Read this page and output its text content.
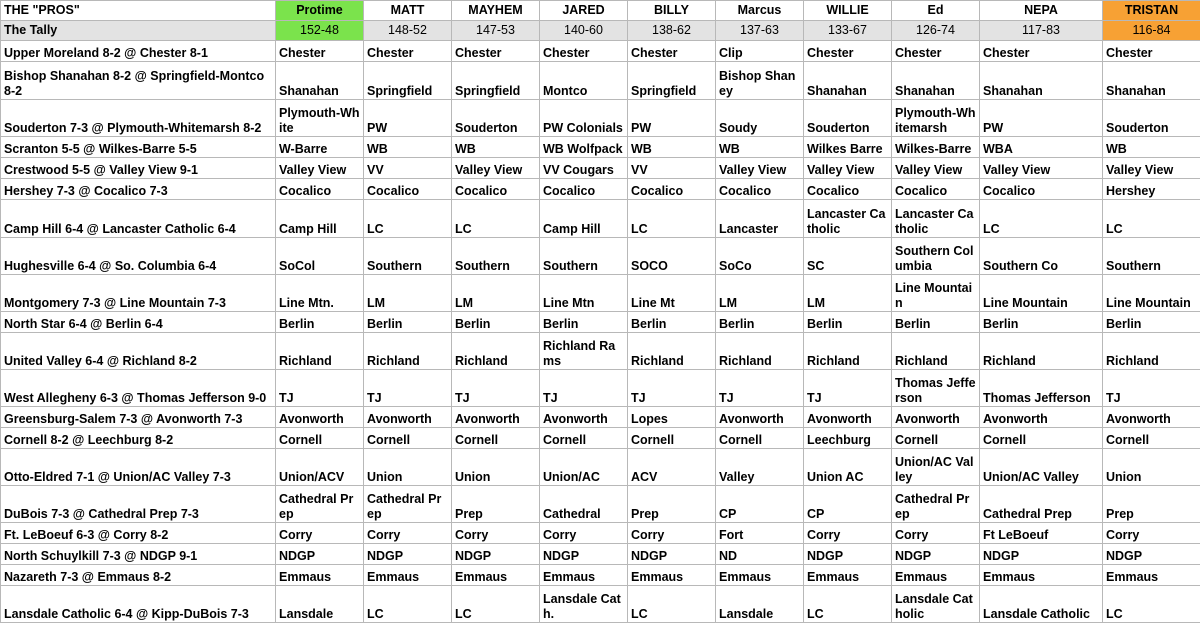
THE "PROS"	Protime	MATT	MAYHEM	JARED	BILLY	Marcus	WILLIE	Ed	NEPA	TRISTAN
The Tally	152-48	148-52	147-53	140-60	138-62	137-63	133-67	126-74	117-83	116-84
Upper Moreland 8-2 @ Chester 8-1	Chester	Chester	Chester	Chester	Chester	Clip	Chester	Chester	Chester	Chester
Bishop Shanahan 8-2 @ Springfield-Montco 8-2	Shanahan	Springfield	Springfield	Montco	Springfield	Bishop Shaney	Shanahan	Shanahan	Shanahan	Shanahan
Souderton 7-3 @ Plymouth-Whitemarsh 8-2	Plymouth-White	PW	Souderton	PW Colonials	PW	Soudy	Souderton	Plymouth-Whitemarsh	PW	Souderton
Scranton 5-5 @ Wilkes-Barre 5-5	W-Barre	WB	WB	WB Wolfpack	WB	WB	Wilkes Barre	Wilkes-Barre	WBA	WB
Crestwood 5-5 @ Valley View 9-1	Valley View	VV	Valley View	VV Cougars	VV	Valley View	Valley View	Valley View	Valley View	Valley View
Hershey 7-3 @ Cocalico 7-3	Cocalico	Cocalico	Cocalico	Cocalico	Cocalico	Cocalico	Cocalico	Cocalico	Cocalico	Hershey
Camp Hill 6-4 @ Lancaster Catholic 6-4	Camp Hill	LC	LC	Camp Hill	LC	Lancaster	Lancaster Catholic	Lancaster Catholic	LC	LC
Hughesville 6-4 @ So. Columbia 6-4	SoCol	Southern	Southern	Southern	SOCO	SoCo	SC	Southern Columbia	Southern Co	Southern
Montgomery 7-3 @ Line Mountain 7-3	Line Mtn.	LM	LM	Line Mtn	Line Mt	LM	LM	Line Mountain	Line Mountain	Line Mountain
North Star 6-4 @ Berlin 6-4	Berlin	Berlin	Berlin	Berlin	Berlin	Berlin	Berlin	Berlin	Berlin	Berlin
United Valley 6-4 @ Richland 8-2	Richland	Richland	Richland	Richland Rams	Richland	Richland	Richland	Richland	Richland	Richland
West Allegheny 6-3 @ Thomas Jefferson 9-0	TJ	TJ	TJ	TJ	TJ	TJ	TJ	Thomas Jefferson	Thomas Jefferson	TJ
Greensburg-Salem 7-3 @ Avonworth 7-3	Avonworth	Avonworth	Avonworth	Avonworth	Lopes	Avonworth	Avonworth	Avonworth	Avonworth	Avonworth
Cornell 8-2 @ Leechburg 8-2	Cornell	Cornell	Cornell	Cornell	Cornell	Cornell	Leechburg	Cornell	Cornell	Cornell
Otto-Eldred 7-1 @ Union/AC Valley 7-3	Union/ACV	Union	Union	Union/AC	ACV	Valley	Union AC	Union/AC Valley	Union/AC Valley	Union
DuBois 7-3 @ Cathedral Prep 7-3	Cathedral Prep	Cathedral Prep	Prep	Cathedral	Prep	CP	CP	Cathedral Prep	Cathedral Prep	Prep
Ft. LeBoeuf 6-3 @ Corry 8-2	Corry	Corry	Corry	Corry	Corry	Fort	Corry	Corry	Ft LeBoeuf	Corry
North Schuylkill 7-3 @ NDGP 9-1	NDGP	NDGP	NDGP	NDGP	NDGP	ND	NDGP	NDGP	NDGP	NDGP
Nazareth 7-3 @ Emmaus 8-2	Emmaus	Emmaus	Emmaus	Emmaus	Emmaus	Emmaus	Emmaus	Emmaus	Emmaus	Emmaus
Lansdale Catholic 6-4 @ Kipp-DuBois 7-3	Lansdale	LC	LC	Lansdale Cath.	LC	Lansdale	LC	Lansdale Catholic	Lansdale Catholic	LC
